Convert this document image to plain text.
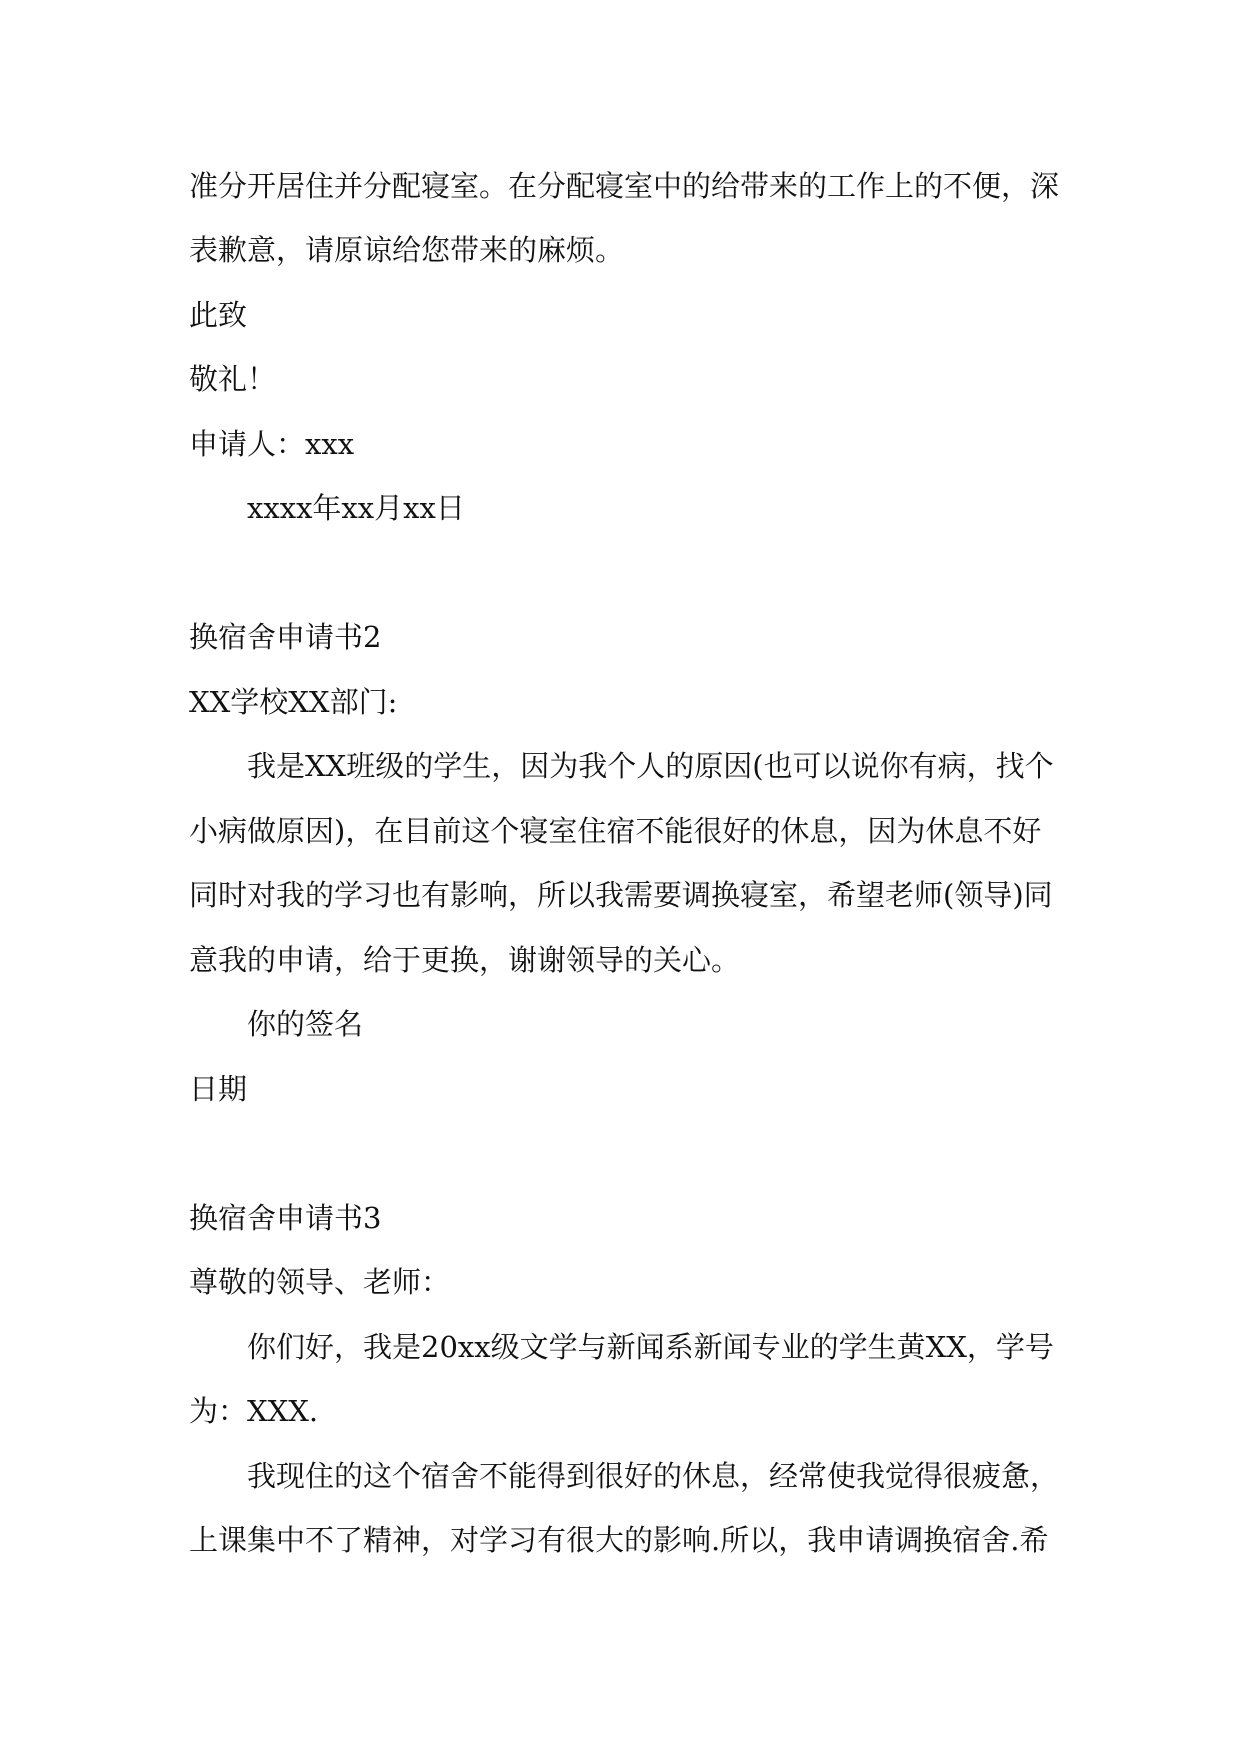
准分开居住并分配寝室。在分配寝室中的给带来的工作上的不便，深
表歉意，请原谅给您带来的麻烦。
此致
敬礼！
申请人：xxx
xxxx年xx月xx日
换宿舍申请书2
XX学校XX部门:
我是XX班级的学生，因为我个人的原因(也可以说你有病，找个
小病做原因)，在目前这个寝室住宿不能很好的休息，因为休息不好
同时对我的学习也有影响，所以我需要调换寝室，希望老师(领导)同
意我的申请，给于更换，谢谢领导的关心。
你的签名
日期
换宿舍申请书3
尊敬的领导、老师：
你们好，我是20xx级文学与新闻系新闻专业的学生黄XX，学号
为：XXX.
我现住的这个宿舍不能得到很好的休息，经常使我觉得很疲惫，
上课集中不了精神，对学习有很大的影响.所以，我申请调换宿舍.希
